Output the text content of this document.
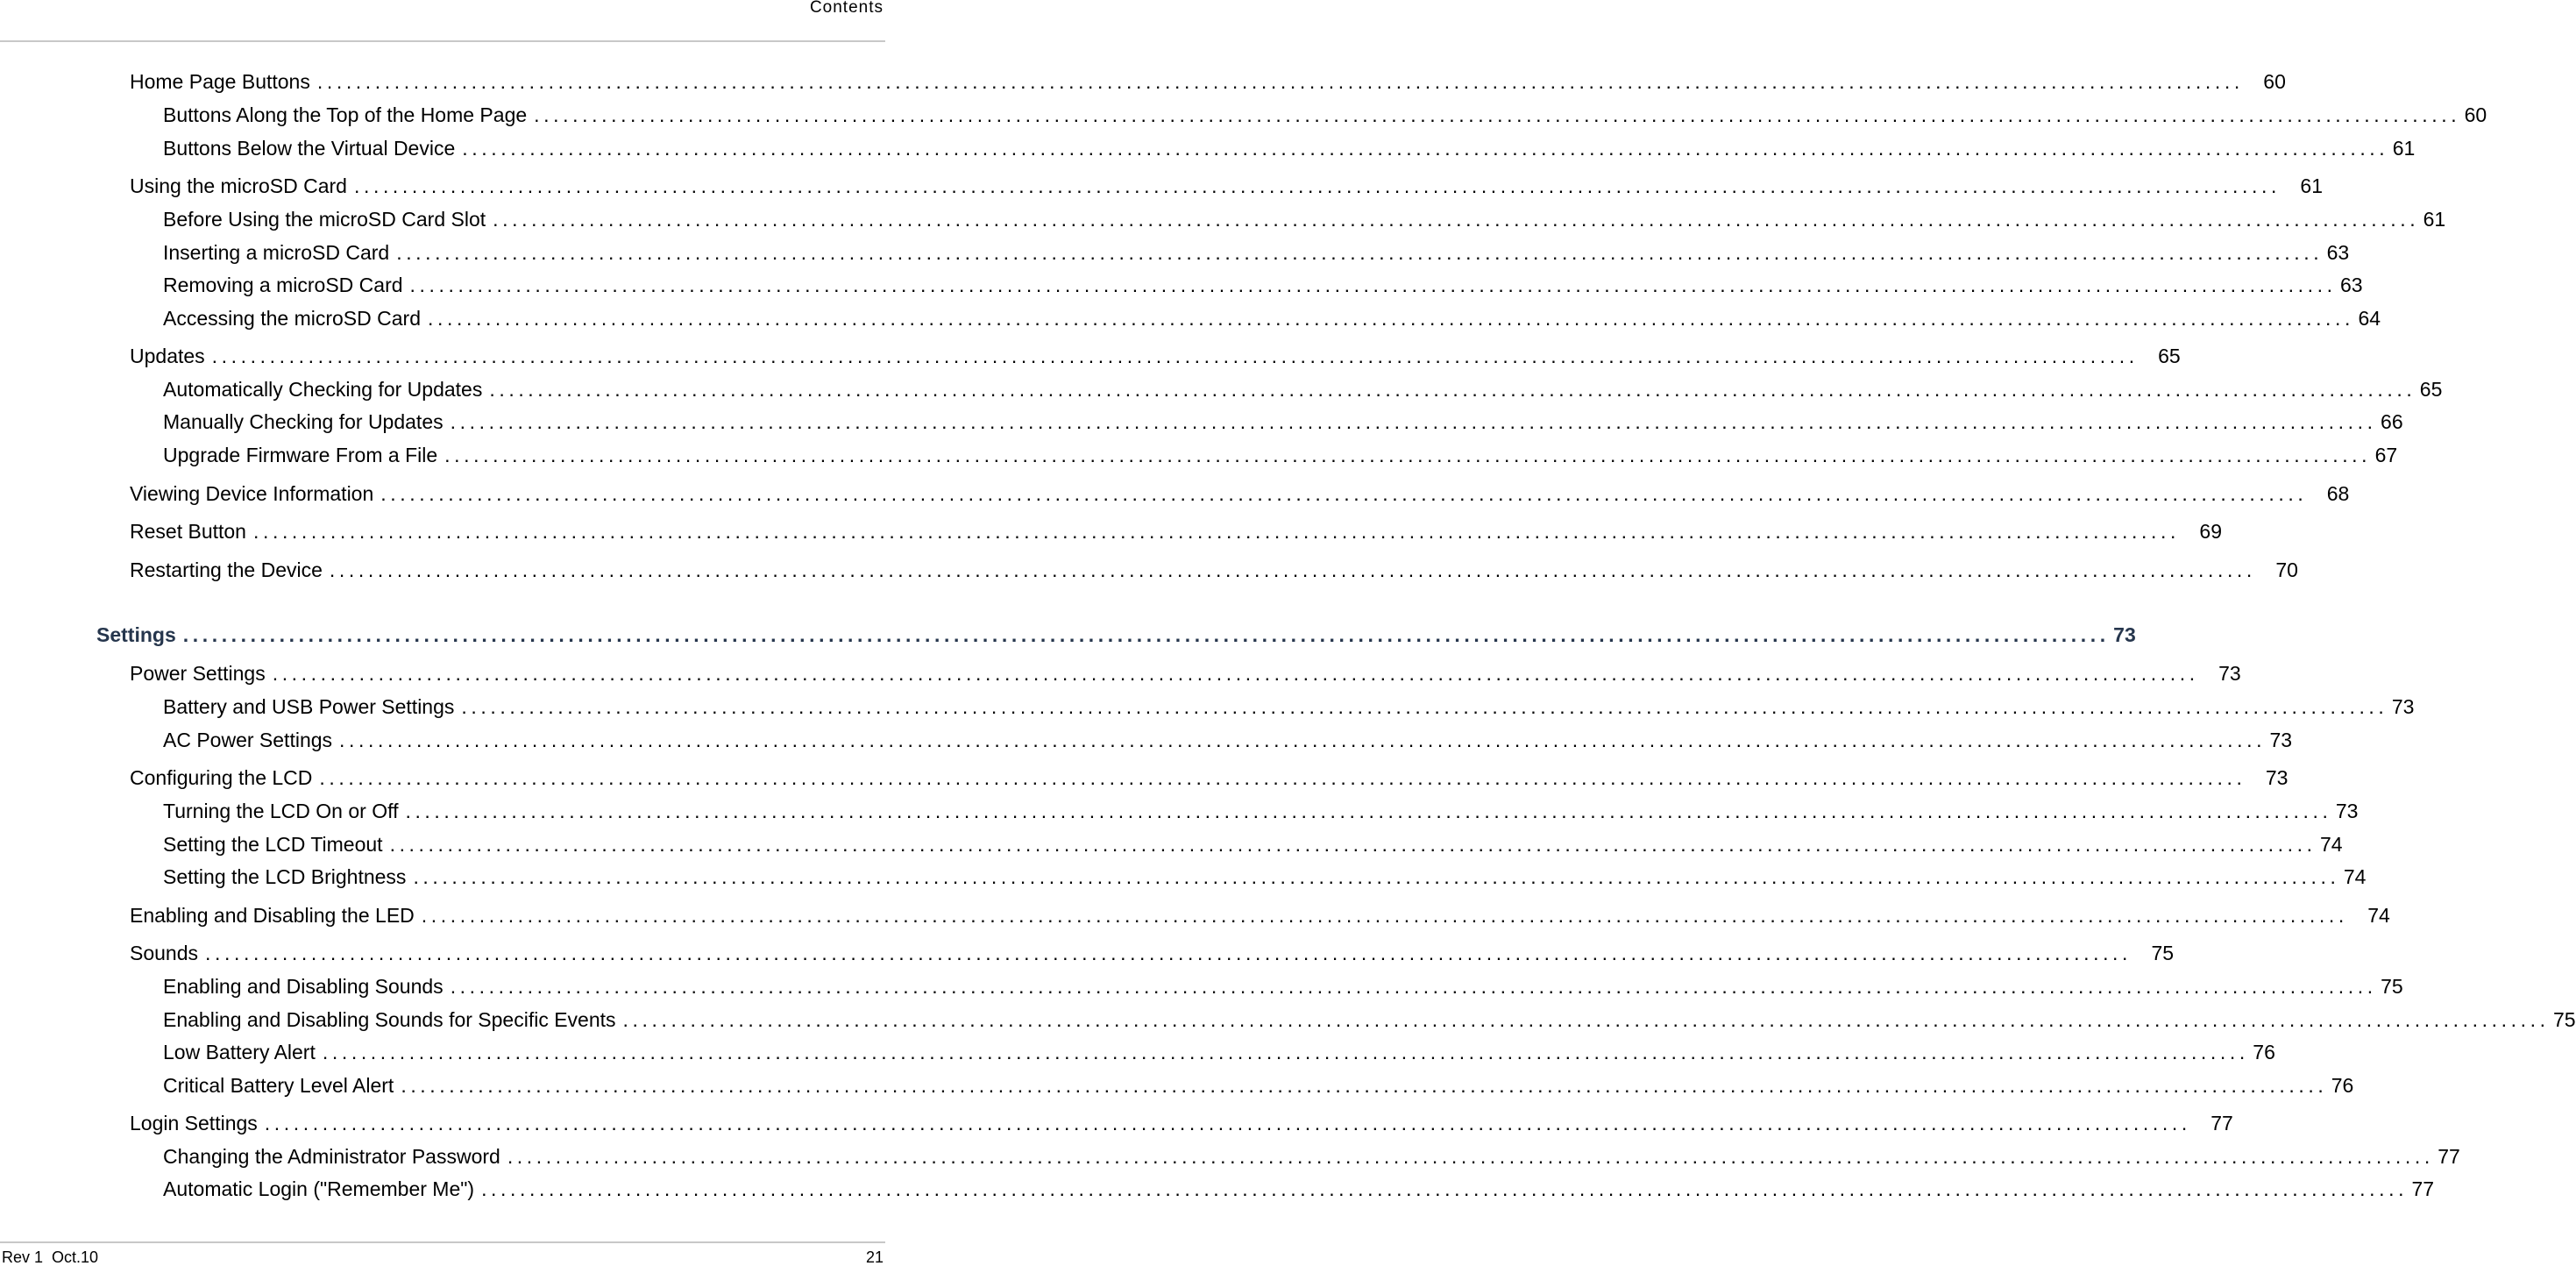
Contents
Home Page Buttons ........................................................................................................................................................................................................ 60
Buttons Along the Top of the Home Page ........................................................................................................................................................................................................ 60
Buttons Below the Virtual Device ........................................................................................................................................................................................................ 61
Using the microSD Card ........................................................................................................................................................................................................ 61
Before Using the microSD Card Slot ........................................................................................................................................................................................................ 61
Inserting a microSD Card ........................................................................................................................................................................................................ 63
Removing a microSD Card ........................................................................................................................................................................................................ 63
Accessing the microSD Card ........................................................................................................................................................................................................ 64
Updates ........................................................................................................................................................................................................ 65
Automatically Checking for Updates ........................................................................................................................................................................................................ 65
Manually Checking for Updates ........................................................................................................................................................................................................ 66
Upgrade Firmware From a File ........................................................................................................................................................................................................ 67
Viewing Device Information ........................................................................................................................................................................................................ 68
Reset Button ........................................................................................................................................................................................................ 69
Restarting the Device ........................................................................................................................................................................................................ 70
Settings ........................................................................................................................................................................................................ 73
Power Settings ........................................................................................................................................................................................................ 73
Battery and USB Power Settings ........................................................................................................................................................................................................ 73
AC Power Settings ........................................................................................................................................................................................................ 73
Configuring the LCD ........................................................................................................................................................................................................ 73
Turning the LCD On or Off ........................................................................................................................................................................................................ 73
Setting the LCD Timeout ........................................................................................................................................................................................................ 74
Setting the LCD Brightness ........................................................................................................................................................................................................ 74
Enabling and Disabling the LED ........................................................................................................................................................................................................ 74
Sounds ........................................................................................................................................................................................................ 75
Enabling and Disabling Sounds ........................................................................................................................................................................................................ 75
Enabling and Disabling Sounds for Specific Events ........................................................................................................................................................................................................ 75
Low Battery Alert ........................................................................................................................................................................................................ 76
Critical Battery Level Alert ........................................................................................................................................................................................................ 76
Login Settings ........................................................................................................................................................................................................ 77
Changing the Administrator Password ........................................................................................................................................................................................................ 77
Automatic Login ("Remember Me") ........................................................................................................................................................................................................ 77
Rev 1  Oct.10	21
